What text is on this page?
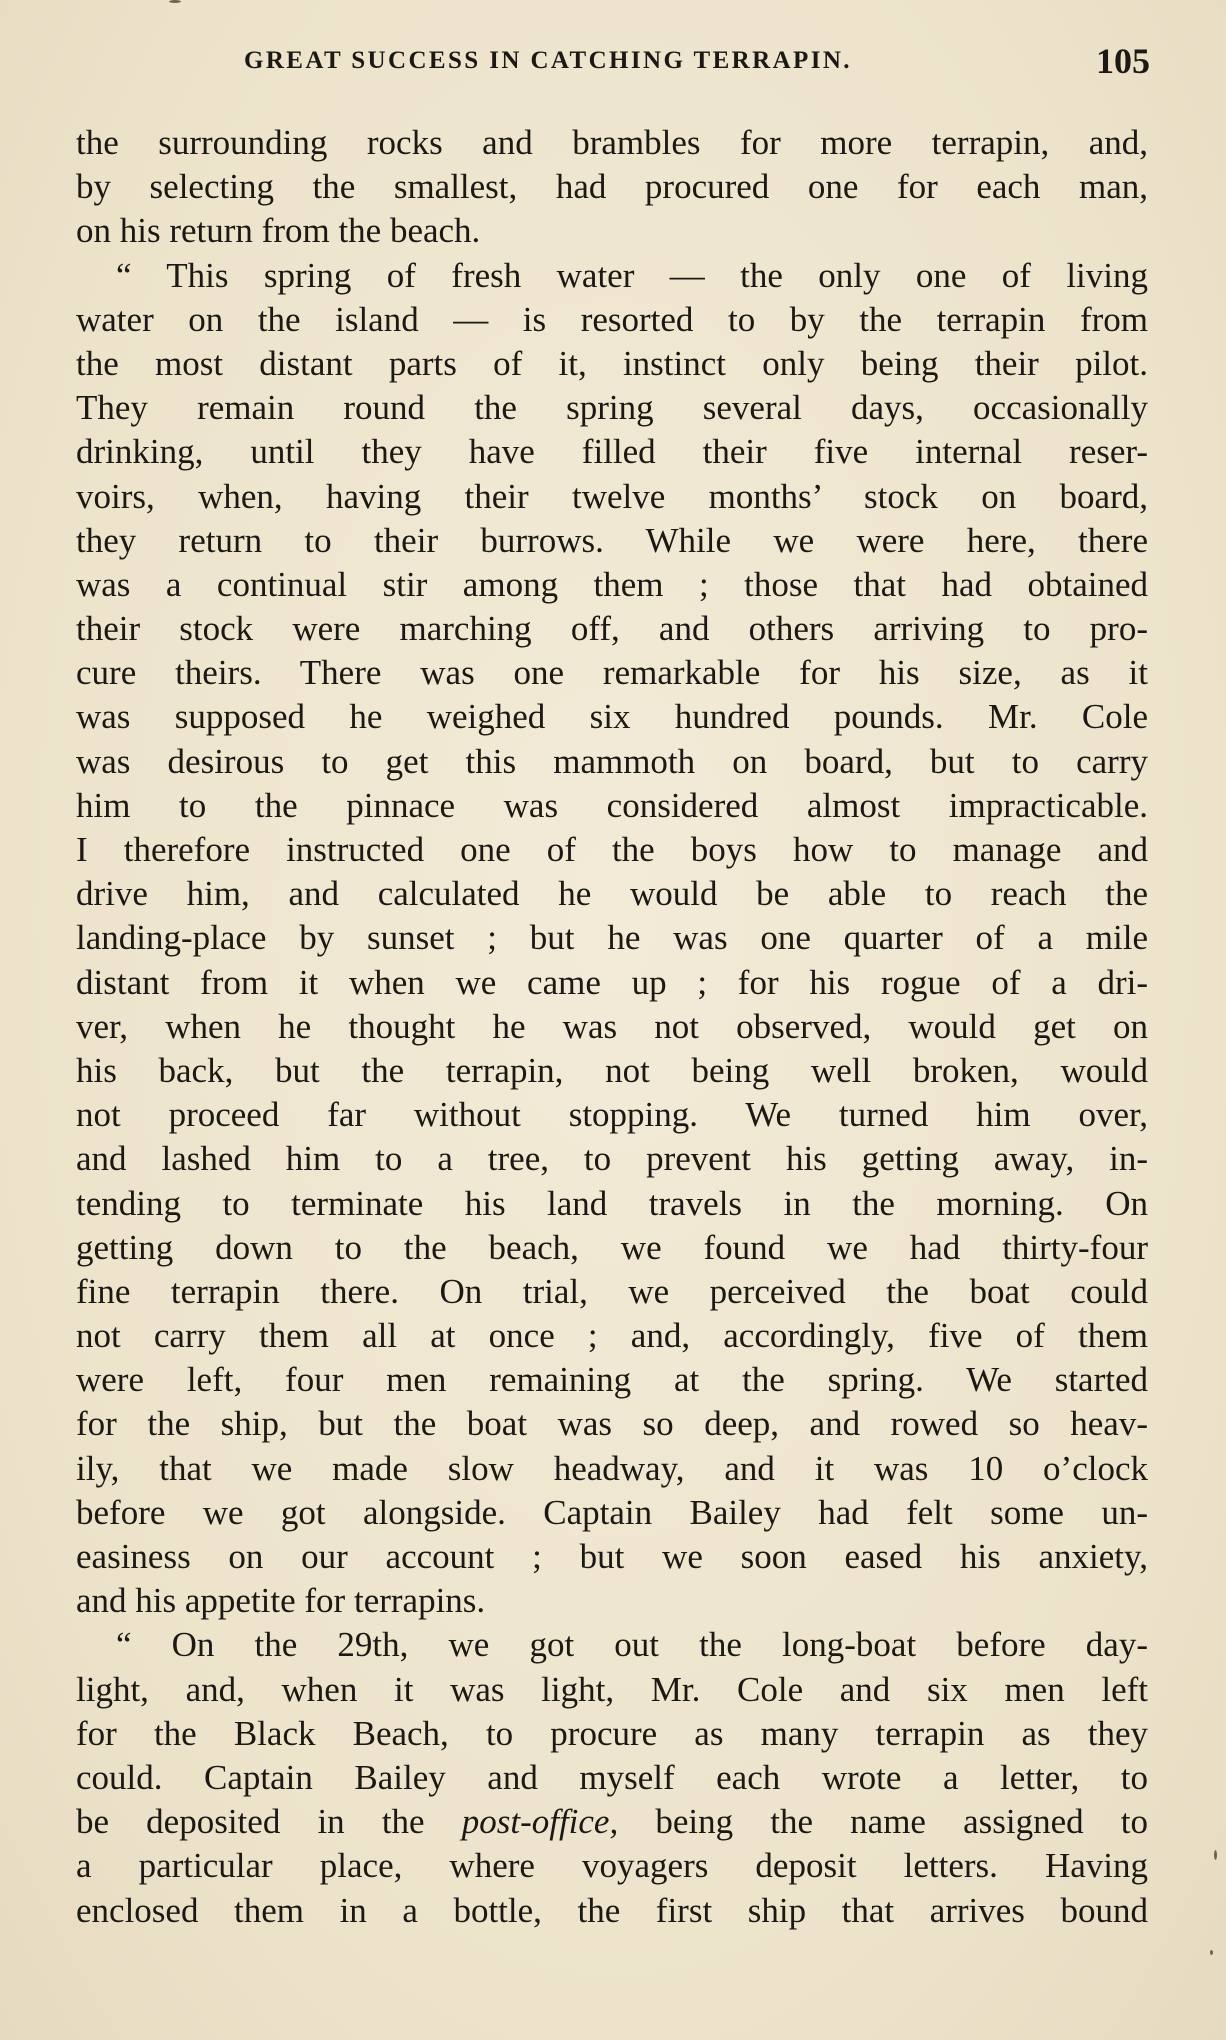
GREAT SUCCESS IN CATCHING TERRAPIN.	105
the surrounding rocks and brambles for more terrapin, and,
by selecting the smallest, had procured one for each man,
on his return from the beach.
“ This spring of fresh water — the only one of living
water on the island — is resorted to by the terrapin from
the most distant parts of it, instinct only being their pilot.
They remain round the spring several days, occasionally
drinking, until they have filled their five internal reser-
voirs, when, having their twelve months’ stock on board,
they return to their burrows. While we were here, there
was a continual stir among them ; those that had obtained
their stock were marching off, and others arriving to pro-
cure theirs. There was one remarkable for his size, as it
was supposed he weighed six hundred pounds. Mr. Cole
was desirous to get this mammoth on board, but to carry
him to the pinnace was considered almost impracticable.
I therefore instructed one of the boys how to manage and
drive him, and calculated he would be able to reach the
landing-place by sunset ; but he was one quarter of a mile
distant from it when we came up ; for his rogue of a dri-
ver, when he thought he was not observed, would get on
his back, but the terrapin, not being well broken, would
not proceed far without stopping. We turned him over,
and lashed him to a tree, to prevent his getting away, in-
tending to terminate his land travels in the morning. On
getting down to the beach, we found we had thirty-four
fine terrapin there. On trial, we perceived the boat could
not carry them all at once ; and, accordingly, five of them
were left, four men remaining at the spring. We started
for the ship, but the boat was so deep, and rowed so heav-
ily, that we made slow headway, and it was 10 o’clock
before we got alongside. Captain Bailey had felt some un-
easiness on our account ; but we soon eased his anxiety,
and his appetite for terrapins.
“ On the 29th, we got out the long-boat before day-
light, and, when it was light, Mr. Cole and six men left
for the Black Beach, to procure as many terrapin as they
could. Captain Bailey and myself each wrote a letter, to
be deposited in the post-office, being the name assigned to
a particular place, where voyagers deposit letters. Having
enclosed them in a bottle, the first ship that arrives bound
